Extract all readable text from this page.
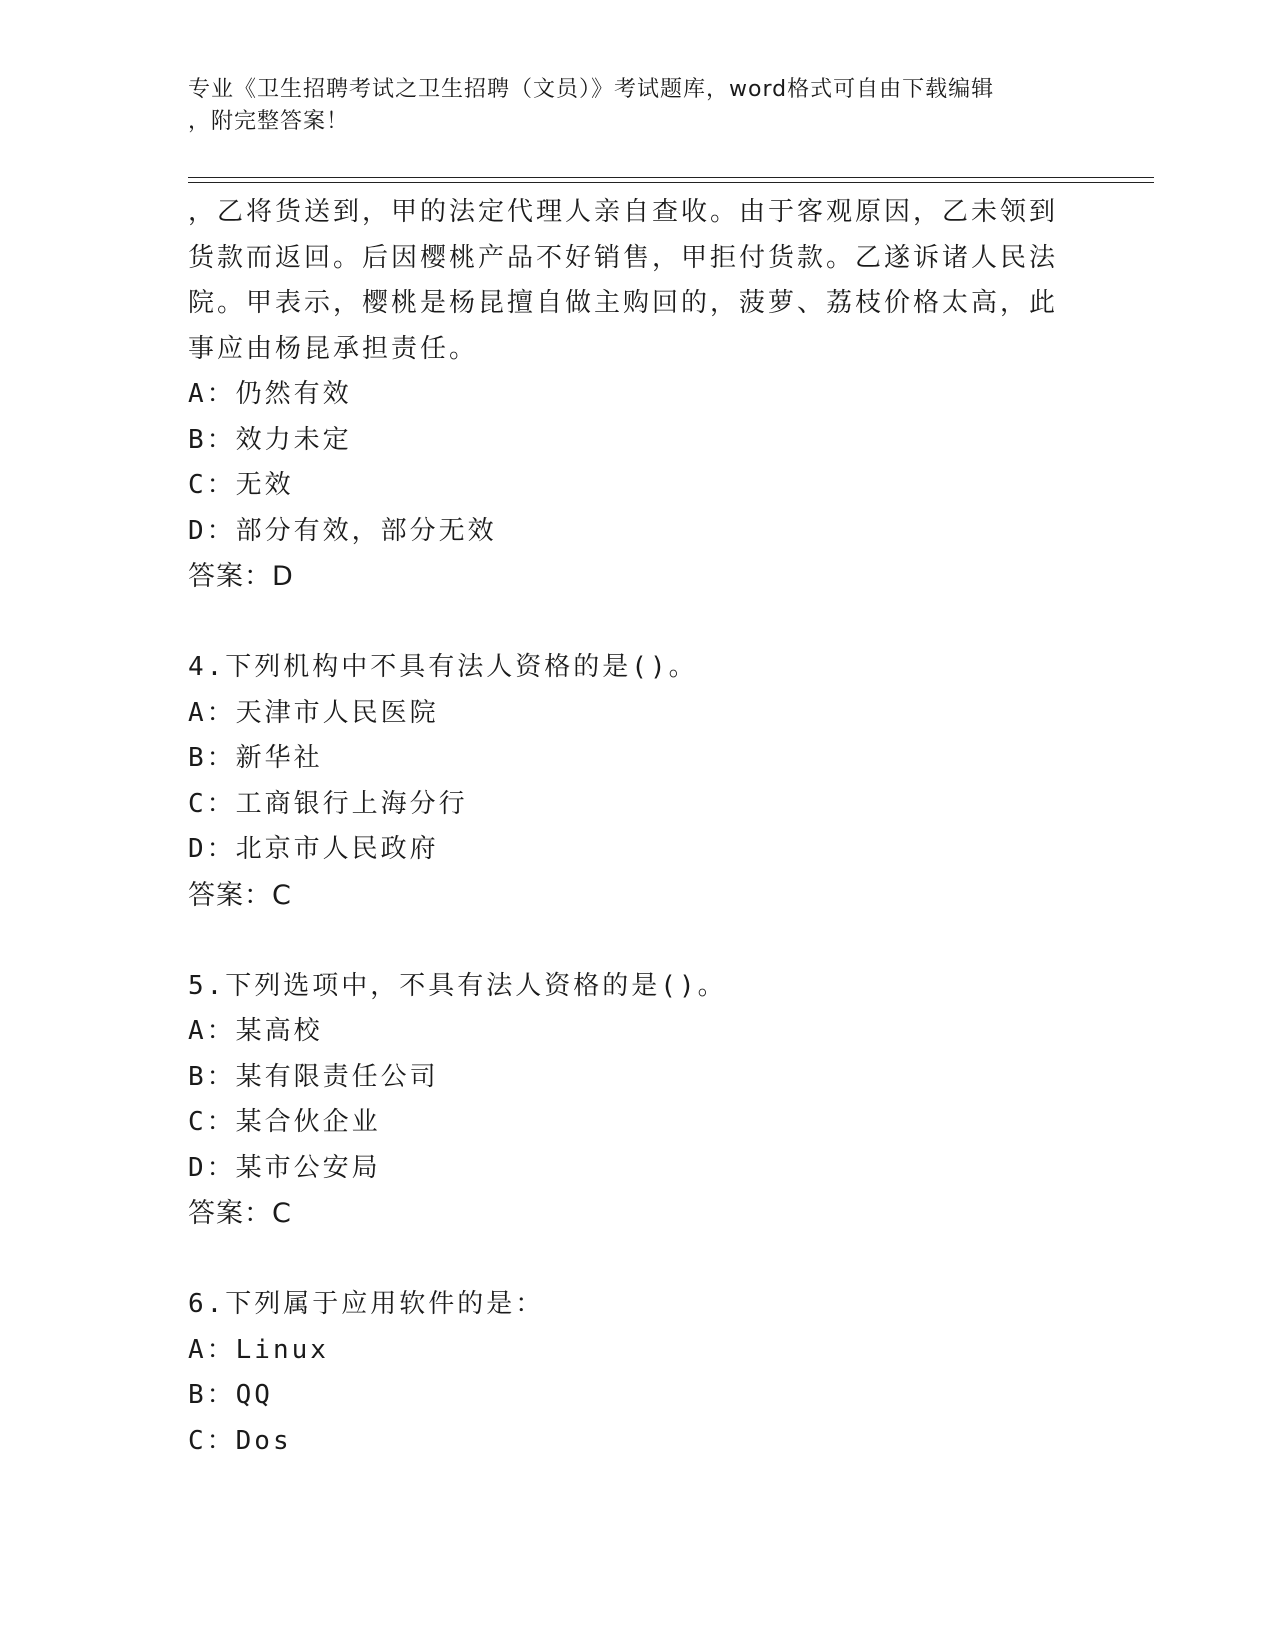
专业《卫生招聘考试之卫生招聘（文员）》考试题库，word格式可自由下载编辑
，附完整答案！
，乙将货送到，甲的法定代理人亲自查收。由于客观原因，乙未领到
货款而返回。后因樱桃产品不好销售，甲拒付货款。乙遂诉诸人民法
院。甲表示，樱桃是杨昆擅自做主购回的，菠萝、荔枝价格太高，此
事应由杨昆承担责任。
A：仍然有效
B：效力未定
C：无效
D：部分有效，部分无效
答案：D
4.下列机构中不具有法人资格的是()。
A：天津市人民医院
B：新华社
C：工商银行上海分行
D：北京市人民政府
答案：C
5.下列选项中，不具有法人资格的是()。
A：某高校
B：某有限责任公司
C：某合伙企业
D：某市公安局
答案：C
6.下列属于应用软件的是：
A：Linux
B：QQ
C：Dos
